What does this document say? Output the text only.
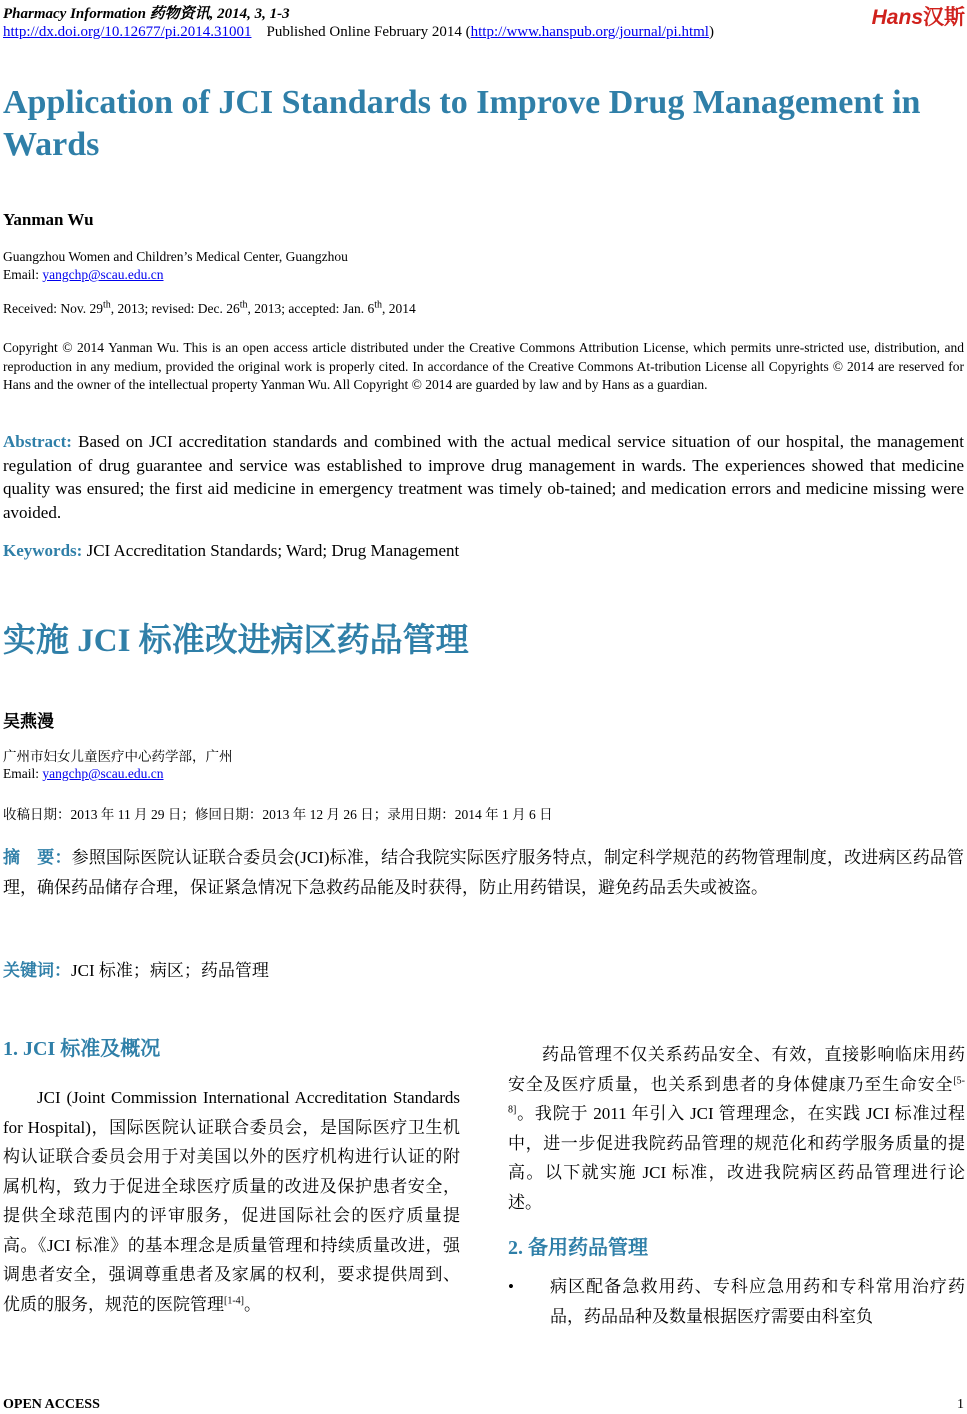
Pharmacy Information 药物资讯, 2014, 3, 1-3
http://dx.doi.org/10.12677/pi.2014.31001 Published Online February 2014 (http://www.hanspub.org/journal/pi.html)
Hans汉斯
Application of JCI Standards to Improve Drug Management in Wards
Yanman Wu
Guangzhou Women and Children’s Medical Center, Guangzhou
Email: yangchp@scau.edu.cn
Received: Nov. 29th, 2013; revised: Dec. 26th, 2013; accepted: Jan. 6th, 2014
Copyright © 2014 Yanman Wu. This is an open access article distributed under the Creative Commons Attribution License, which permits unre-stricted use, distribution, and reproduction in any medium, provided the original work is properly cited. In accordance of the Creative Commons At-tribution License all Copyrights © 2014 are reserved for Hans and the owner of the intellectual property Yanman Wu. All Copyright © 2014 are guarded by law and by Hans as a guardian.
Abstract: Based on JCI accreditation standards and combined with the actual medical service situation of our hospital, the management regulation of drug guarantee and service was established to improve drug management in wards. The experiences showed that medicine quality was ensured; the first aid medicine in emergency treatment was timely ob-tained; and medication errors and medicine missing were avoided.
Keywords: JCI Accreditation Standards; Ward; Drug Management
实施 JCI 标准改进病区药品管理
吴燕漫
广州市妇女儿童医疗中心药学部，广州
Email: yangchp@scau.edu.cn
收稿日期：2013 年 11 月 29 日；修回日期：2013 年 12 月 26 日；录用日期：2014 年 1 月 6 日
摘　要：参照国际医院认证联合委员会(JCI)标准，结合我院实际医疗服务特点，制定科学规范的药物管理制度，改进病区药品管理，确保药品储存合理，保证紧急情况下急救药品能及时获得，防止用药错误，避免药品丢失或被盗。
关键词：JCI 标准；病区；药品管理
1. JCI 标准及概况

JCI (Joint Commission International Accreditation Standards for Hospital)，国际医院认证联合委员会，是国际医疗卫生机构认证联合委员会用于对美国以外的医疗机构进行认证的附属机构，致力于促进全球医疗质量的改进及保护患者安全，提供全球范围内的评审服务，促进国际社会的医疗质量提高。《JCI 标准》的基本理念是质量管理和持续质量改进，强调患者安全，强调尊重患者及家属的权利，要求提供周到、优质的服务，规范的医院管理[1-4]。

药品管理不仅关系药品安全、有效，直接影响临床用药安全及医疗质量，也关系到患者的身体健康乃至生命安全[5-8]。我院于 2011 年引入 JCI 管理理念，在实践 JCI 标准过程中，进一步促进我院药品管理的规范化和药学服务质量的提高。以下就实施 JCI 标准，改进我院病区药品管理进行论述。

2. 备用药品管理
• 病区配备急救用药、专科应急用药和专科常用治疗药品，药品品种及数量根据医疗需要由科室负
OPEN ACCESS	1
